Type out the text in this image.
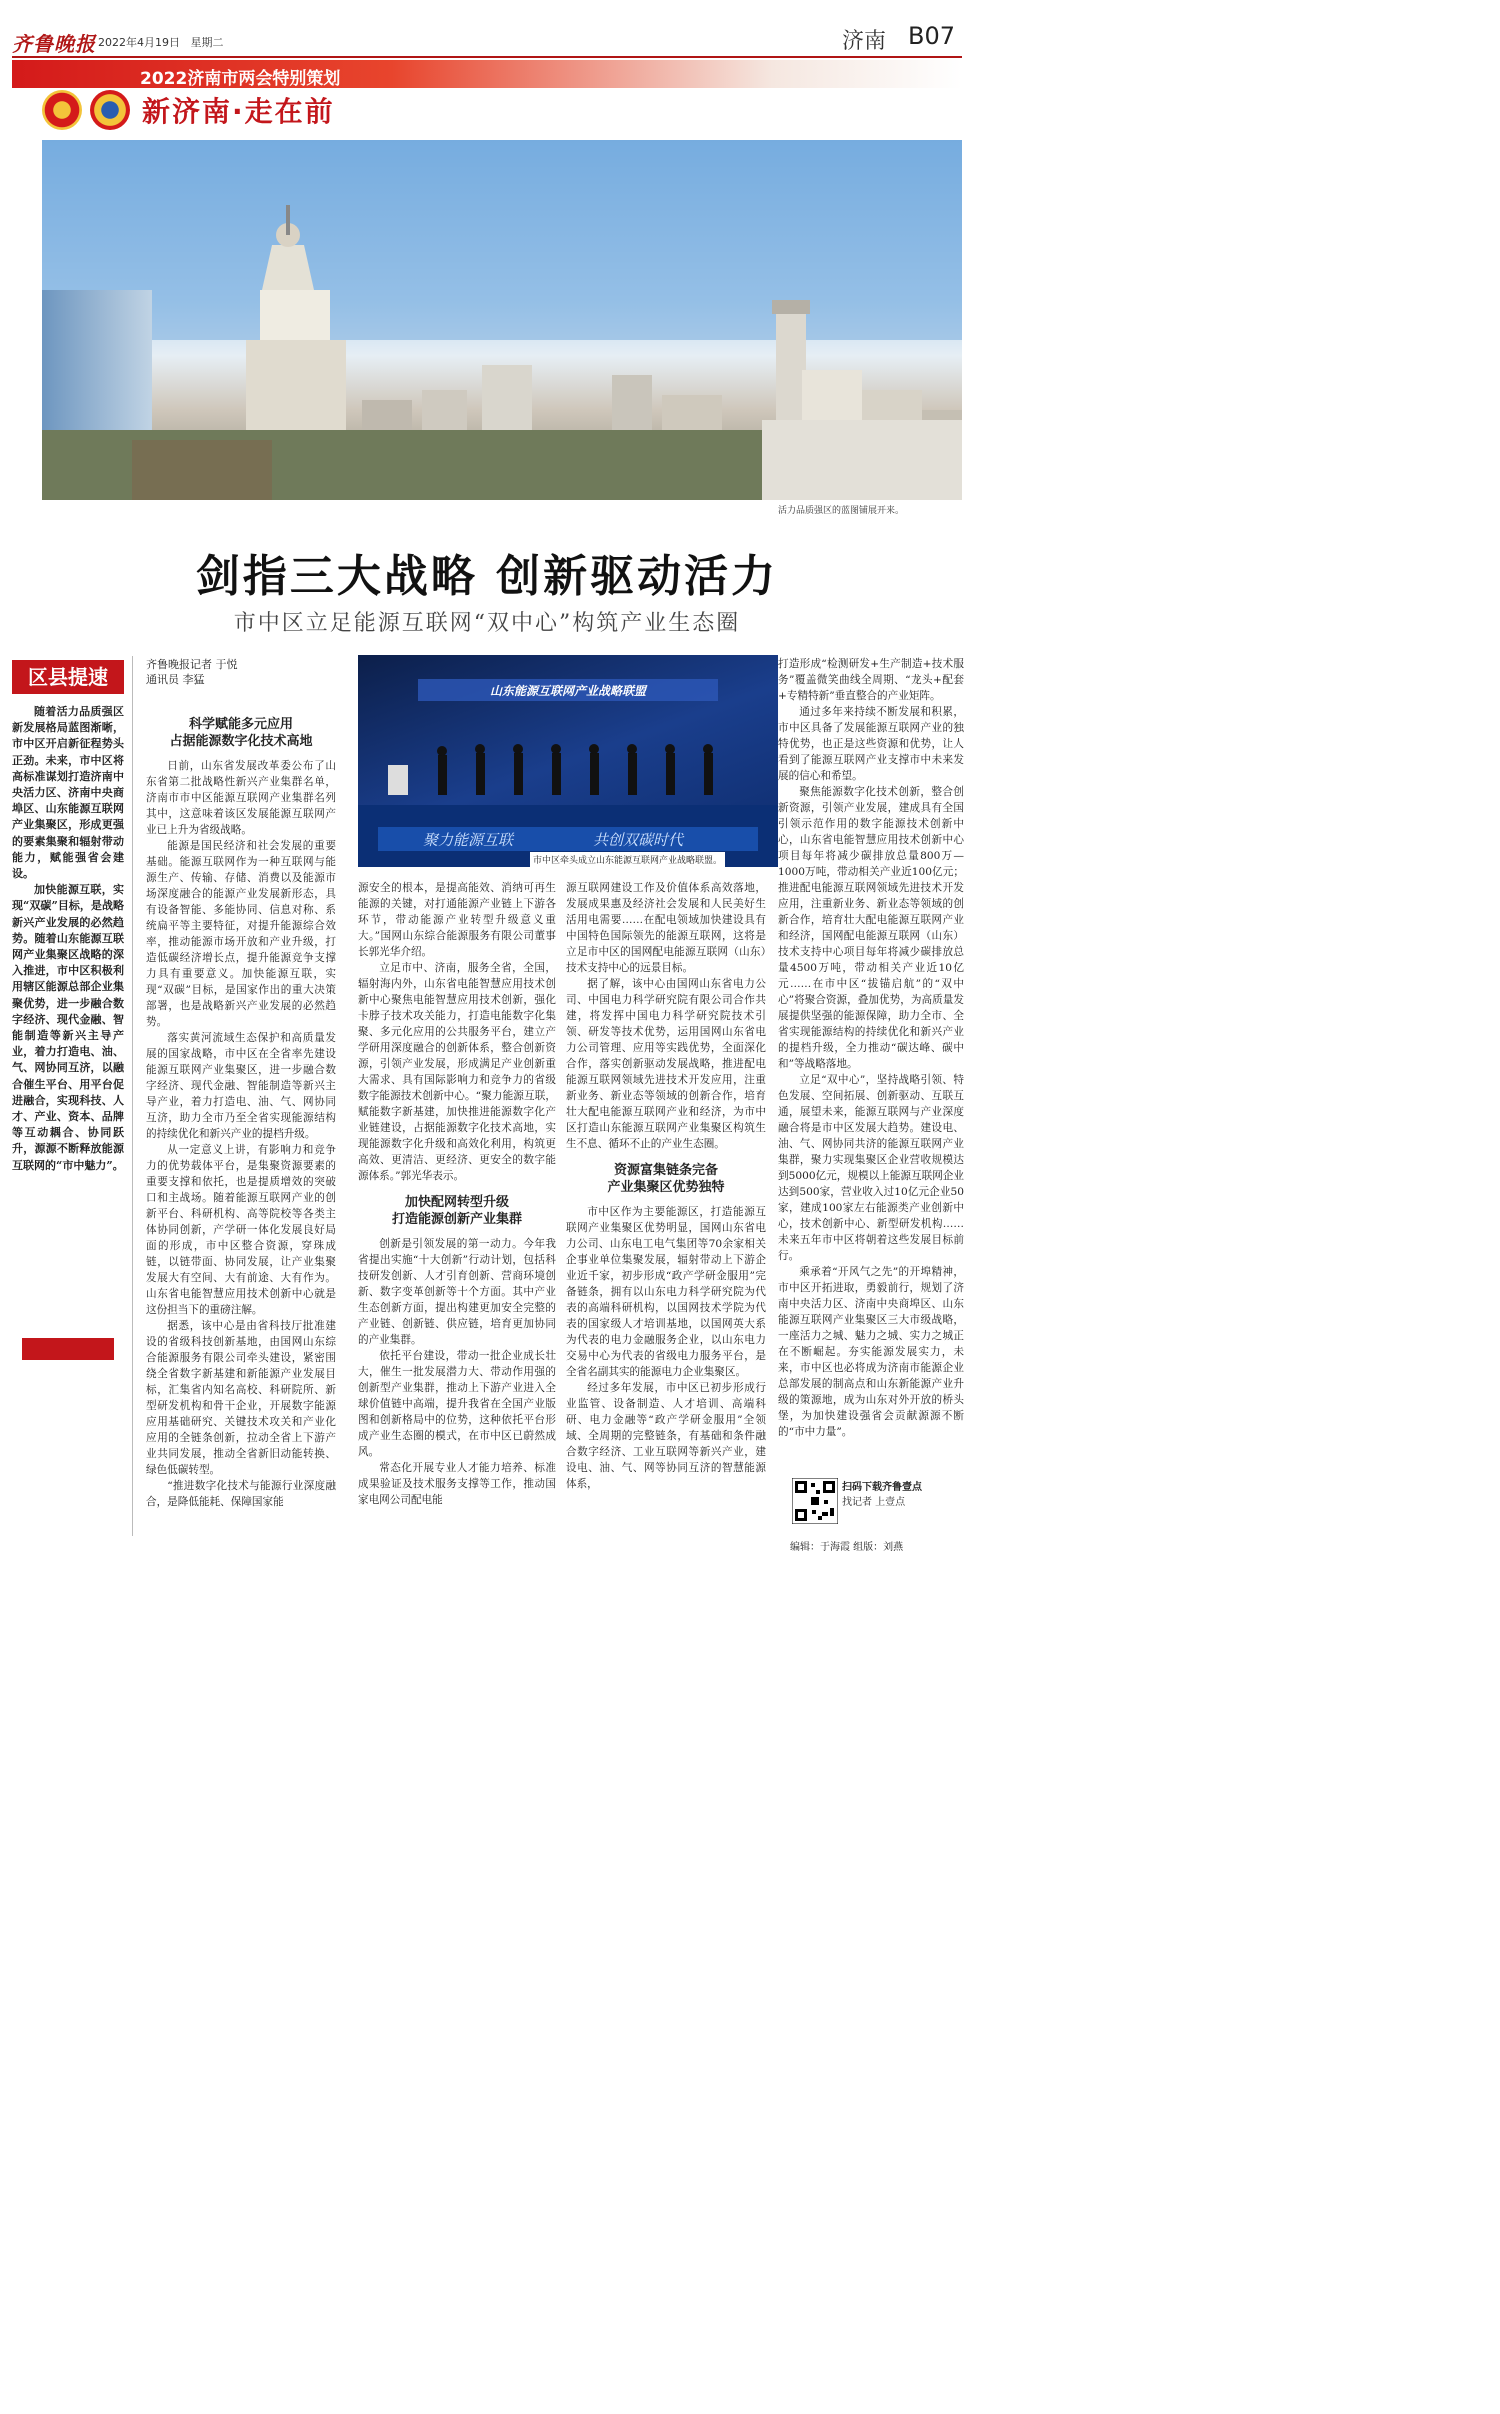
齐鲁晚报 2022年4月19日 星期二	济南 B07
2022济南市两会特别策划
新济南·走在前
活力品质强区的蓝图铺展开来。
剑指三大战略 创新驱动活力
市中区立足能源互联网“双中心”构筑产业生态圈
区县提速

随着活力品质强区新发展格局蓝图渐晰，市中区开启新征程势头正劲。未来，市中区将高标准谋划打造济南中央活力区、济南中央商埠区、山东能源互联网产业集聚区，形成更强的要素集聚和辐射带动能力，赋能强省会建设。

加快能源互联，实现“双碳”目标，是战略新兴产业发展的必然趋势。随着山东能源互联网产业集聚区战略的深入推进，市中区积极利用辖区能源总部企业集聚优势，进一步融合数字经济、现代金融、智能制造等新兴主导产业，着力打造电、油、气、网协同互济，以融合催生平台、用平台促进融合，实现科技、人才、产业、资本、品牌等互动耦合、协同跃升，源源不断释放能源互联网的“市中魅力”。

齐鲁晚报记者 于悦
通讯员 李猛
科学赋能多元应用
占据能源数字化技术高地

日前，山东省发展改革委公布了山东省第二批战略性新兴产业集群名单，济南市市中区能源互联网产业集群名列其中，这意味着该区发展能源互联网产业已上升为省级战略。

能源是国民经济和社会发展的重要基础。能源互联网作为一种互联网与能源生产、传输、存储、消费以及能源市场深度融合的能源产业发展新形态，具有设备智能、多能协同、信息对称、系统扁平等主要特征，对提升能源综合效率，推动能源市场开放和产业升级，打造低碳经济增长点，提升能源竞争支撑力具有重要意义。加快能源互联，实现“双碳”目标，是国家作出的重大决策部署，也是战略新兴产业发展的必然趋势。

落实黄河流域生态保护和高质量发展的国家战略，市中区在全省率先建设能源互联网产业集聚区，进一步融合数字经济、现代金融、智能制造等新兴主导产业，着力打造电、油、气、网协同互济，助力全市乃至全省实现能源结构的持续优化和新兴产业的提档升级。

从一定意义上讲，有影响力和竞争力的优势载体平台，是集聚资源要素的重要支撑和依托，也是提质增效的突破口和主战场。随着能源互联网产业的创新平台、科研机构、高等院校等各类主体协同创新，产学研一体化发展良好局面的形成，市中区整合资源，穿珠成链，以链带面、协同发展，让产业集聚发展大有空间、大有前途、大有作为。山东省电能智慧应用技术创新中心就是这份担当下的重磅注解。

据悉，该中心是由省科技厅批准建设的省级科技创新基地，由国网山东综合能源服务有限公司牵头建设，紧密围绕全省数字新基建和新能源产业发展目标，汇集省内知名高校、科研院所、新型研发机构和骨干企业，开展数字能源应用基础研究、关键技术攻关和产业化应用的全链条创新，拉动全省上下游产业共同发展，推动全省新旧动能转换、绿色低碳转型。

“推进数字化技术与能源行业深度融合，是降低能耗、保障国家能

山东能源互联网产业战略联盟
聚力能源互联	共创双碳时代
市中区牵头成立山东能源互联网产业战略联盟。

源安全的根本，是提高能效、消纳可再生能源的关键，对打通能源产业链上下游各环节，带动能源产业转型升级意义重大。”国网山东综合能源服务有限公司董事长郭光华介绍。

立足市中、济南，服务全省，全国，辐射海内外，山东省电能智慧应用技术创新中心聚焦电能智慧应用技术创新，强化卡脖子技术攻关能力，打造电能数字化集聚、多元化应用的公共服务平台，建立产学研用深度融合的创新体系，整合创新资源，引领产业发展，形成满足产业创新重大需求、具有国际影响力和竞争力的省级数字能源技术创新中心。“聚力能源互联，赋能数字新基建，加快推进能源数字化产业链建设，占据能源数字化技术高地，实现能源数字化升级和高效化利用，构筑更高效、更清洁、更经济、更安全的数字能源体系。”郭光华表示。

加快配网转型升级
打造能源创新产业集群

创新是引领发展的第一动力。今年我省提出实施“十大创新”行动计划，包括科技研发创新、人才引育创新、营商环境创新、数字变革创新等十个方面。其中产业生态创新方面，提出构建更加安全完整的产业链、创新链、供应链，培育更加协同的产业集群。

依托平台建设，带动一批企业成长壮大，催生一批发展潜力大、带动作用强的创新型产业集群，推动上下游产业进入全球价值链中高端，提升我省在全国产业版图和创新格局中的位势，这种依托平台形成产业生态圈的模式，在市中区已蔚然成风。

常态化开展专业人才能力培养、标准成果验证及技术服务支撑等工作，推动国家电网公司配电能

源互联网建设工作及价值体系高效落地，发展成果惠及经济社会发展和人民美好生活用电需要……在配电领域加快建设具有中国特色国际领先的能源互联网，这将是立足市中区的国网配电能源互联网（山东）技术支持中心的远景目标。

据了解，该中心由国网山东省电力公司、中国电力科学研究院有限公司合作共建，将发挥中国电力科学研究院技术引领、研发等技术优势，运用国网山东省电力公司管理、应用等实践优势，全面深化合作，落实创新驱动发展战略，推进配电能源互联网领域先进技术开发应用，注重新业务、新业态等领域的创新合作，培育壮大配电能源互联网产业和经济，为市中区打造山东能源互联网产业集聚区构筑生生不息、循环不止的产业生态圈。

资源富集链条完备
产业集聚区优势独特

市中区作为主要能源区，打造能源互联网产业集聚区优势明显，国网山东省电力公司、山东电工电气集团等70余家相关企事业单位集聚发展，辐射带动上下游企业近千家，初步形成“政产学研金服用”完备链条，拥有以山东电力科学研究院为代表的高端科研机构，以国网技术学院为代表的国家级人才培训基地，以国网英大系为代表的电力金融服务企业，以山东电力交易中心为代表的省级电力服务平台，是全省名副其实的能源电力企业集聚区。

经过多年发展，市中区已初步形成行业监管、设备制造、人才培训、高端科研、电力金融等“政产学研金服用”全领域、全周期的完整链条，有基础和条件融合数字经济、工业互联网等新兴产业，建设电、油、气、网等协同互济的智慧能源体系，

打造形成“检测研发+生产制造+技术服务”覆盖微笑曲线全周期、“龙头+配套+专精特新”垂直整合的产业矩阵。

通过多年来持续不断发展和积累，市中区具备了发展能源互联网产业的独特优势，也正是这些资源和优势，让人看到了能源互联网产业支撑市中未来发展的信心和希望。

聚焦能源数字化技术创新，整合创新资源，引领产业发展，建成具有全国引领示范作用的数字能源技术创新中心，山东省电能智慧应用技术创新中心项目每年将减少碳排放总量800万—1000万吨，带动相关产业近100亿元；推进配电能源互联网领域先进技术开发应用，注重新业务、新业态等领域的创新合作，培育壮大配电能源互联网产业和经济，国网配电能源互联网（山东）技术支持中心项目每年将减少碳排放总量4500万吨，带动相关产业近10亿元……在市中区“拔锚启航”的“双中心”将聚合资源，叠加优势，为高质量发展提供坚强的能源保障，助力全市、全省实现能源结构的持续优化和新兴产业的提档升级，全力推动“碳达峰、碳中和”等战略落地。

立足“双中心”，坚持战略引领、特色发展、空间拓展、创新驱动、互联互通，展望未来，能源互联网与产业深度融合将是市中区发展大趋势。建设电、油、气、网协同共济的能源互联网产业集群，聚力实现集聚区企业营收规模达到5000亿元，规模以上能源互联网企业达到500家，营业收入过10亿元企业50家，建成100家左右能源类产业创新中心，技术创新中心、新型研发机构……未来五年市中区将朝着这些发展目标前行。

乘承着“开风气之先”的开埠精神，市中区开拓进取，勇毅前行，规划了济南中央活力区、济南中央商埠区、山东能源互联网产业集聚区三大市级战略，一座活力之城、魅力之城、实力之城正在不断崛起。夯实能源发展实力，未来，市中区也必将成为济南市能源企业总部发展的制高点和山东新能源产业升级的策源地，成为山东对外开放的桥头堡，为加快建设强省会贡献源源不断的“市中力量”。

扫码下载齐鲁壹点
找记者 上壹点
编辑：于海霞 组版：刘燕
